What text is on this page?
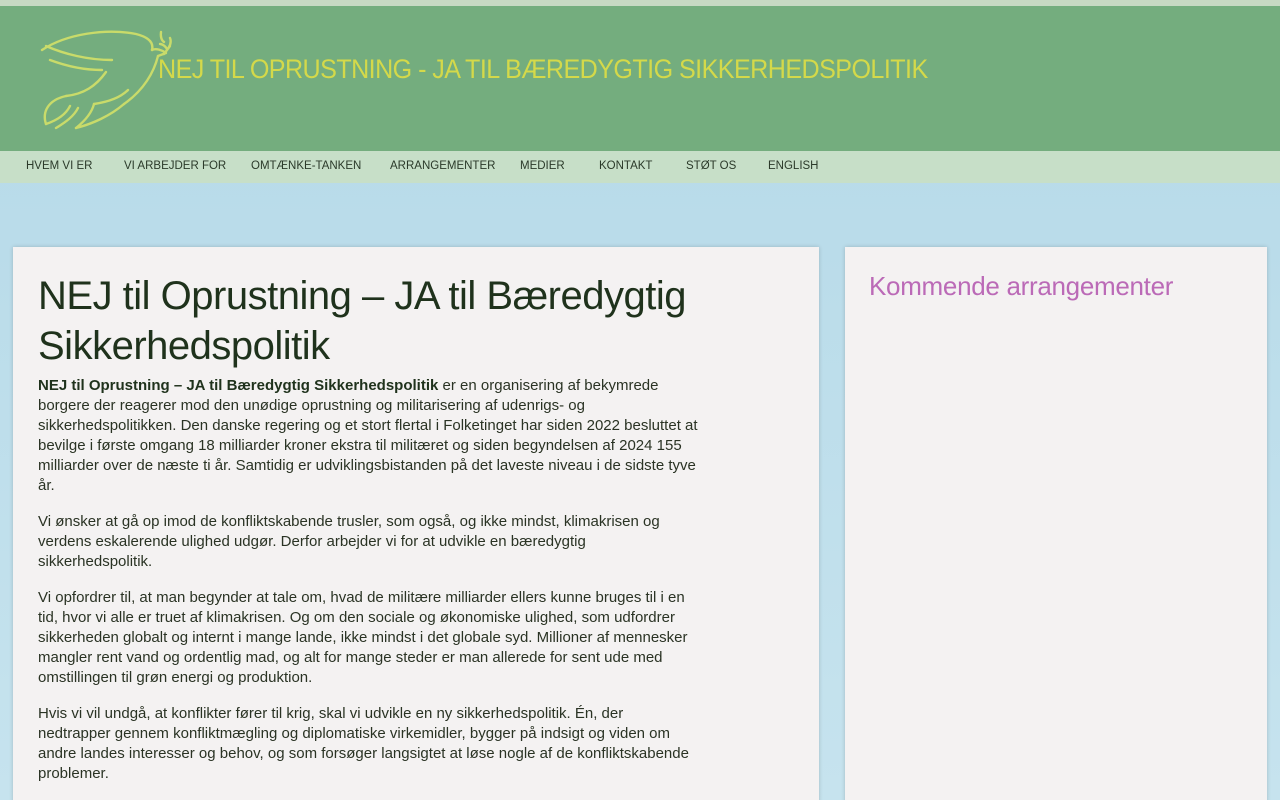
NEJ TIL OPRUSTNING - JA TIL BÆREDYGTIG SIKKERHEDSPOLITIK
HVEM VI ER	VI ARBEJDER FOR OMTÆNKE-TANKEN ARRANGEMENTER MEDIER	KONTAKT	STØT OS	ENGLISH
NEJ til Oprustning – JA til Bæredygtig Sikkerhedspolitik

NEJ til Oprustning – JA til Bæredygtig Sikkerhedspolitik er en organisering af bekymrede borgere der reagerer mod den unødige oprustning og militarisering af udenrigs- og sikkerhedspolitikken. Den danske regering og et stort flertal i Folketinget har siden 2022 besluttet at bevilge i første omgang 18 milliarder kroner ekstra til militæret og siden begyndelsen af 2024 155 milliarder over de næste ti år. Samtidig er udviklingsbistanden på det laveste niveau i de sidste tyve år.

Vi ønsker at gå op imod de konfliktskabende trusler, som også, og ikke mindst, klimakrisen og verdens eskalerende ulighed udgør. Derfor arbejder vi for at udvikle en bæredygtig sikkerhedspolitik.

Vi opfordrer til, at man begynder at tale om, hvad de militære milliarder ellers kunne bruges til i en tid, hvor vi alle er truet af klimakrisen. Og om den sociale og økonomiske ulighed, som udfordrer sikkerheden globalt og internt i mange lande, ikke mindst i det globale syd. Millioner af mennesker mangler rent vand og ordentlig mad, og alt for mange steder er man allerede for sent ude med omstillingen til grøn energi og produktion.

Hvis vi vil undgå, at konflikter fører til krig, skal vi udvikle en ny sikkerhedspolitik. Én, der nedtrapper gennem konfliktmægling og diplomatiske virkemidler, bygger på indsigt og viden om andre landes interesser og behov, og som forsøger langsigtet at løse nogle af de konfliktskabende problemer.

Kommende arrangementer
